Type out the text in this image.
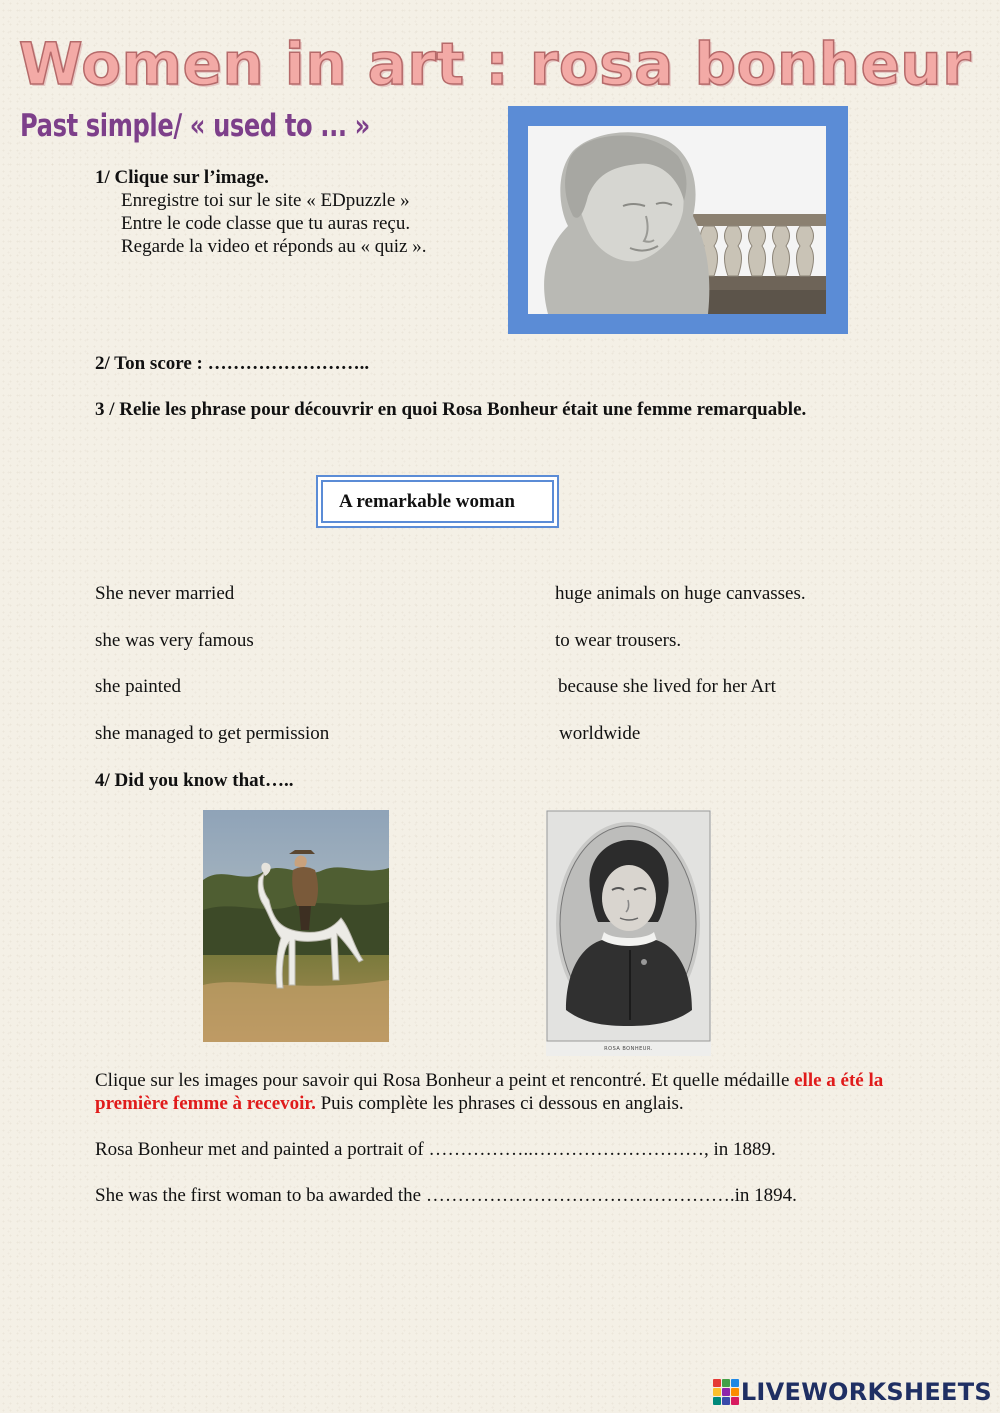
Women in art : rosa bonheur
Past simple/ « used to ... »
1/ Clique sur l’image.
Enregistre toi sur le site « EDpuzzle »
Entre le code classe que tu auras reçu.
Regarde la video et réponds au « quiz ».
2/ Ton score : ……………………..
3 / Relie les phrase pour découvrir en quoi Rosa Bonheur était une femme remarquable.
A remarkable woman
She never married
she was very famous
she painted
she managed to get permission
huge animals on huge canvasses.
to wear trousers.
because she lived for her Art
worldwide
4/ Did you know that…..
ROSA BONHEUR.
Clique sur les images pour savoir qui Rosa Bonheur a peint et rencontré. Et quelle médaille elle a été la première femme à recevoir. Puis complète les phrases ci dessous en anglais.
Rosa Bonheur met and painted a portrait of ……………..………………………, in 1889.
She was the first woman to ba awarded the ………………………………………….in 1894.
LIVEWORKSHEETS
